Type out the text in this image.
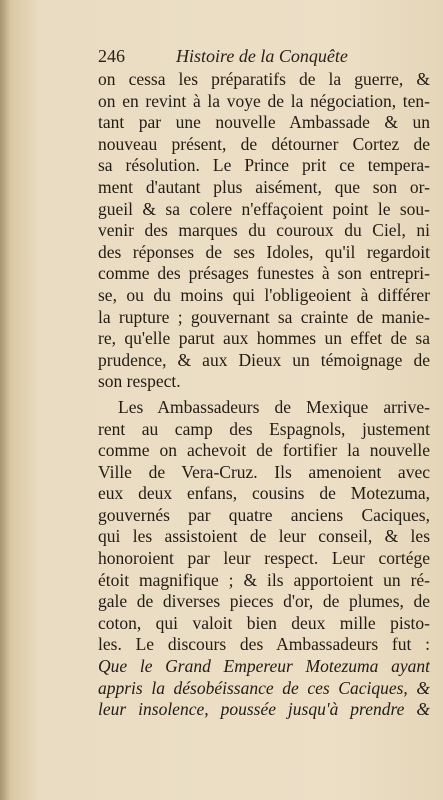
246	Histoire de la Conquête
on cessa les préparatifs de la guerre, &
on en revint à la voye de la négociation, ten-
tant par une nouvelle Ambassade & un
nouveau présent, de détourner Cortez de
sa résolution. Le Prince prit ce tempera-
ment d'autant plus aisément, que son or-
gueil & sa colere n'effaçoient point le sou-
venir des marques du couroux du Ciel, ni
des réponses de ses Idoles, qu'il regardoit
comme des présages funestes à son entrepri-
se, ou du moins qui l'obligeoient à différer
la rupture ; gouvernant sa crainte de manie-
re, qu'elle parut aux hommes un effet de sa
prudence, & aux Dieux un témoignage de
son respect.
Les Ambassadeurs de Mexique arrive-
rent au camp des Espagnols, justement
comme on achevoit de fortifier la nouvelle
Ville de Vera-Cruz. Ils amenoient avec
eux deux enfans, cousins de Motezuma,
gouvernés par quatre anciens Caciques,
qui les assistoient de leur conseil, & les
honoroient par leur respect. Leur cortége
étoit magnifique ; & ils apportoient un ré-
gale de diverses pieces d'or, de plumes, de
coton, qui valoit bien deux mille pisto-
les. Le discours des Ambassadeurs fut :
Que le Grand Empereur Motezuma ayant
appris la désobéissance de ces Caciques, &
leur insolence, poussée jusqu'à prendre &
